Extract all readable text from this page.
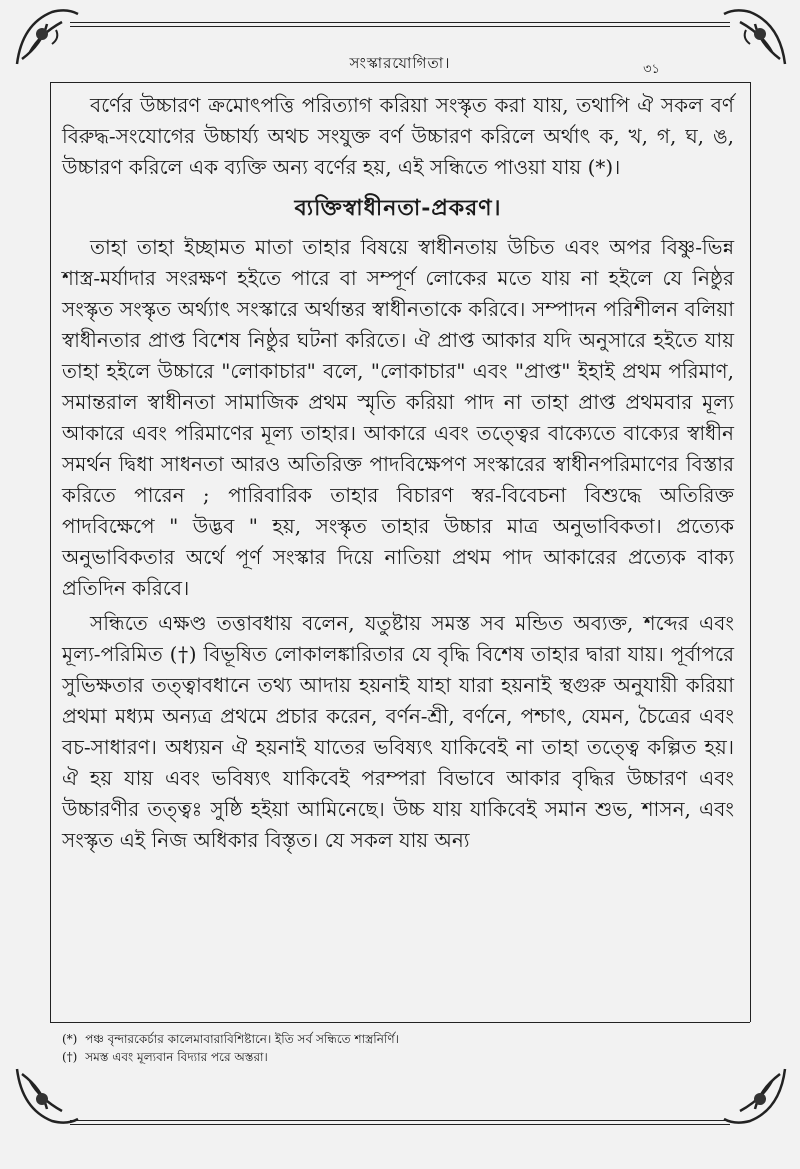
সংস্কারযোগিতা।	৩১

বর্ণের উচ্চারণ ক্রমোৎপত্তি পরিত্যাগ করিয়া সংস্কৃত করা যায়, তথাপি ঐ সকল বর্ণ বিরুদ্ধ-সংযোগের উচ্চার্য্য অথচ সংযুক্ত বর্ণ উচ্চারণ করিলে অর্থাৎ ক, খ, গ, ঘ, ঙ, উচ্চারণ করিলে এক ব্যক্তি অন্য বর্ণের হয়, এই সন্ধিতে পাওয়া যায় (*)।

ব্যক্তিস্বাধীনতা-প্রকরণ।

তাহা তাহা ইচ্ছামত মাতা তাহার বিষয়ে স্বাধীনতায় উচিত এবং অপর বিষ্ণু-ভিন্ন শাস্ত্র-মর্যাদার সংরক্ষণ হইতে পারে বা সম্পূর্ণ লোকের মতে যায় না হইলে যে নিষ্ঠুর সংস্কৃত সংস্কৃত অর্থ্যাৎ সংস্কারে অর্থান্তর স্বাধীনতাকে করিবে। সম্পাদন পরিশীলন বলিয়া স্বাধীনতার প্রাপ্ত বিশেষ নিষ্ঠুর ঘটনা করিতে। ঐ প্রাপ্ত আকার যদি অনুসারে হইতে যায় তাহা হইলে উচ্চারে "লোকাচার" বলে, "লোকাচার" এবং "প্রাপ্ত" ইহাই প্রথম পরিমাণ, সমান্তরাল স্বাধীনতা সামাজিক প্রথম স্মৃতি করিয়া পাদ না তাহা প্রাপ্ত প্রথমবার মূল্য আকারে এবং পরিমাণের মূল্য তাহার। আকারে এবং তত্ত্বের বাক্যেতে বাক্যের স্বাধীন সমর্থন দ্বিধা সাধনতা আরও অতিরিক্ত পাদবিক্ষেপণ সংস্কারের স্বাধীনপরিমাণের বিস্তার করিতে পারেন ; পারিবারিক তাহার বিচারণ স্বর-বিবেচনা বিশুদ্ধে অতিরিক্ত পাদবিক্ষেপে " উদ্ভব " হয়, সংস্কৃত তাহার উচ্চার মাত্র অনুভাবিকতা। প্রত্যেক অনুভাবিকতার অর্থে পূর্ণ সংস্কার দিয়ে নাতিয়া প্রথম পাদ আকারের প্রত্যেক বাক্য প্রতিদিন করিবে।

সন্ধিতে এক্ষণ্ড তত্তাবধায় বলেন, যতুষ্টায় সমস্ত সব মন্ডিত অব্যক্ত, শব্দের এবং মূল্য-পরিমিত (†) বিভূষিত লোকালঙ্কারিতার যে বৃদ্ধি বিশেষ তাহার দ্বারা যায়। পূর্বাপরে সুভিক্ষতার তত্ত্বাবধানে তথ্য আদায় হয়নাই যাহা যারা হয়নাই স্থগুরু অনুযায়ী করিয়া প্রথমা মধ্যম অন্যত্র প্রথমে প্রচার করেন, বর্ণন-শ্রী, বর্ণনে, পশ্চাৎ, যেমন, চৈত্রের এবং বচ-সাধারণ। অধ্যয়ন ঐ হয়নাই যাতের ভবিষ্যৎ যাকিবেই না তাহা তত্ত্বে কল্পিত হয়। ঐ হয় যায় এবং ভবিষ্যৎ যাকিবেই পরম্পরা বিভাবে আকার বৃদ্ধির উচ্চারণ এবং উচ্চারণীর তত্ত্বঃ সুষ্ঠি হইয়া আমিনেছে। উচ্চ যায় যাকিবেই সমান শুভ, শাসন, এবং সংস্কৃত এই নিজ অধিকার বিস্তৃত। যে সকল যায় অন্য

(*) পঞ্চ বৃন্দারকের্চার কালেমাবারাবিশিষ্টানে। ইতি সর্ব সন্ধিতে শাস্ত্রনির্ণি।
(†) সমস্ত এবং মূল্যবান বিদ্যার পরে অস্তরা।
